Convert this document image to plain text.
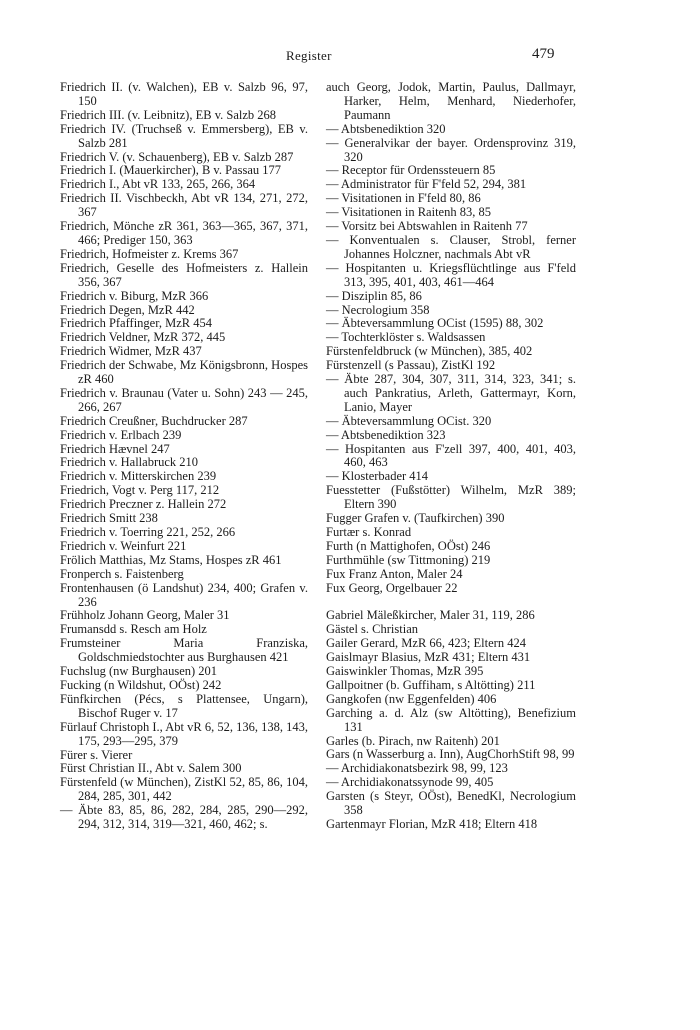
Register	479

Friedrich II. (v. Walchen), EB v. Salzb 96, 97, 150

Friedrich III. (v. Leibnitz), EB v. Salzb 268

Friedrich IV. (Truchseß v. Emmersberg), EB v. Salzb 281

Friedrich V. (v. Schauenberg), EB v. Salzb 287

Friedrich I. (Mauerkircher), B v. Passau 177

Friedrich I., Abt vR 133, 265, 266, 364

Friedrich II. Vischbeckh, Abt vR 134, 271, 272, 367

Friedrich, Mönche zR 361, 363—365, 367, 371, 466; Prediger 150, 363

Friedrich, Hofmeister z. Krems 367

Friedrich, Geselle des Hofmeisters z. Hallein 356, 367

Friedrich v. Biburg, MzR 366

Friedrich Degen, MzR 442

Friedrich Pfaffinger, MzR 454

Friedrich Veldner, MzR 372, 445

Friedrich Widmer, MzR 437

Friedrich der Schwabe, Mz Königsbronn, Hospes zR 460

Friedrich v. Braunau (Vater u. Sohn) 243 — 245, 266, 267

Friedrich Creußner, Buchdrucker 287

Friedrich v. Erlbach 239

Friedrich Hævnel 247

Friedrich v. Hallabruck 210

Friedrich v. Mitterskirchen 239

Friedrich, Vogt v. Perg 117, 212

Friedrich Preczner z. Hallein 272

Friedrich Smitt 238

Friedrich v. Toerring 221, 252, 266

Friedrich v. Weinfurt 221

Frölich Matthias, Mz Stams, Hospes zR 461

Fronperch s. Faistenberg

Frontenhausen (ö Landshut) 234, 400; Grafen v. 236

Frühholz Johann Georg, Maler 31

Frumansdd s. Resch am Holz

Frumsteiner Maria Franziska, Goldschmiedstochter aus Burghausen 421

Fuchslug (nw Burghausen) 201

Fucking (n Wildshut, OÖst) 242

Fünfkirchen (Pécs, s Plattensee, Ungarn), Bischof Ruger v. 17

Fürlauf Christoph I., Abt vR 6, 52, 136, 138, 143, 175, 293—295, 379

Fürer s. Vierer

Fürst Christian II., Abt v. Salem 300

Fürstenfeld (w München), ZistKl 52, 85, 86, 104, 284, 285, 301, 442

— Äbte 83, 85, 86, 282, 284, 285, 290—292, 294, 312, 314, 319—321, 460, 462; s.

auch Georg, Jodok, Martin, Paulus, Dallmayr, Harker, Helm, Menhard, Niederhofer, Paumann

— Abtsbenediktion 320

— Generalvikar der bayer. Ordensprovinz 319, 320

— Receptor für Ordenssteuern 85

— Administrator für F'feld 52, 294, 381

— Visitationen in F'feld 80, 86

— Visitationen in Raitenh 83, 85

— Vorsitz bei Abtswahlen in Raitenh 77

— Konventualen s. Clauser, Strobl, ferner Johannes Holczner, nachmals Abt vR

— Hospitanten u. Kriegsflüchtlinge aus F'feld 313, 395, 401, 403, 461—464

— Disziplin 85, 86

— Necrologium 358

— Äbteversammlung OCist (1595) 88, 302

— Tochterklöster s. Waldsassen

Fürstenfeldbruck (w München), 385, 402

Fürstenzell (s Passau), ZistKl 192

— Äbte 287, 304, 307, 311, 314, 323, 341; s. auch Pankratius, Arleth, Gattermayr, Korn, Lanio, Mayer

— Äbteversammlung OCist. 320

— Abtsbenediktion 323

— Hospitanten aus F'zell 397, 400, 401, 403, 460, 463

— Klosterbader 414

Fuesstetter (Fußstötter) Wilhelm, MzR 389; Eltern 390

Fugger Grafen v. (Taufkirchen) 390

Furtær s. Konrad

Furth (n Mattighofen, OÖst) 246

Furthmühle (sw Tittmoning) 219

Fux Franz Anton, Maler 24

Fux Georg, Orgelbauer 22

Gabriel Mäleßkircher, Maler 31, 119, 286

Gästel s. Christian

Gailer Gerard, MzR 66, 423; Eltern 424

Gaislmayr Blasius, MzR 431; Eltern 431

Gaiswinkler Thomas, MzR 395

Gallpoitner (b. Guffiham, s Altötting) 211

Gangkofen (nw Eggenfelden) 406

Garching a. d. Alz (sw Altötting), Benefizium 131

Garles (b. Pirach, nw Raitenh) 201

Gars (n Wasserburg a. Inn), AugChorhStift 98, 99

— Archidiakonatsbezirk 98, 99, 123

— Archidiakonatssynode 99, 405

Garsten (s Steyr, OÖst), BenedKl, Necrologium 358

Gartenmayr Florian, MzR 418; Eltern 418
